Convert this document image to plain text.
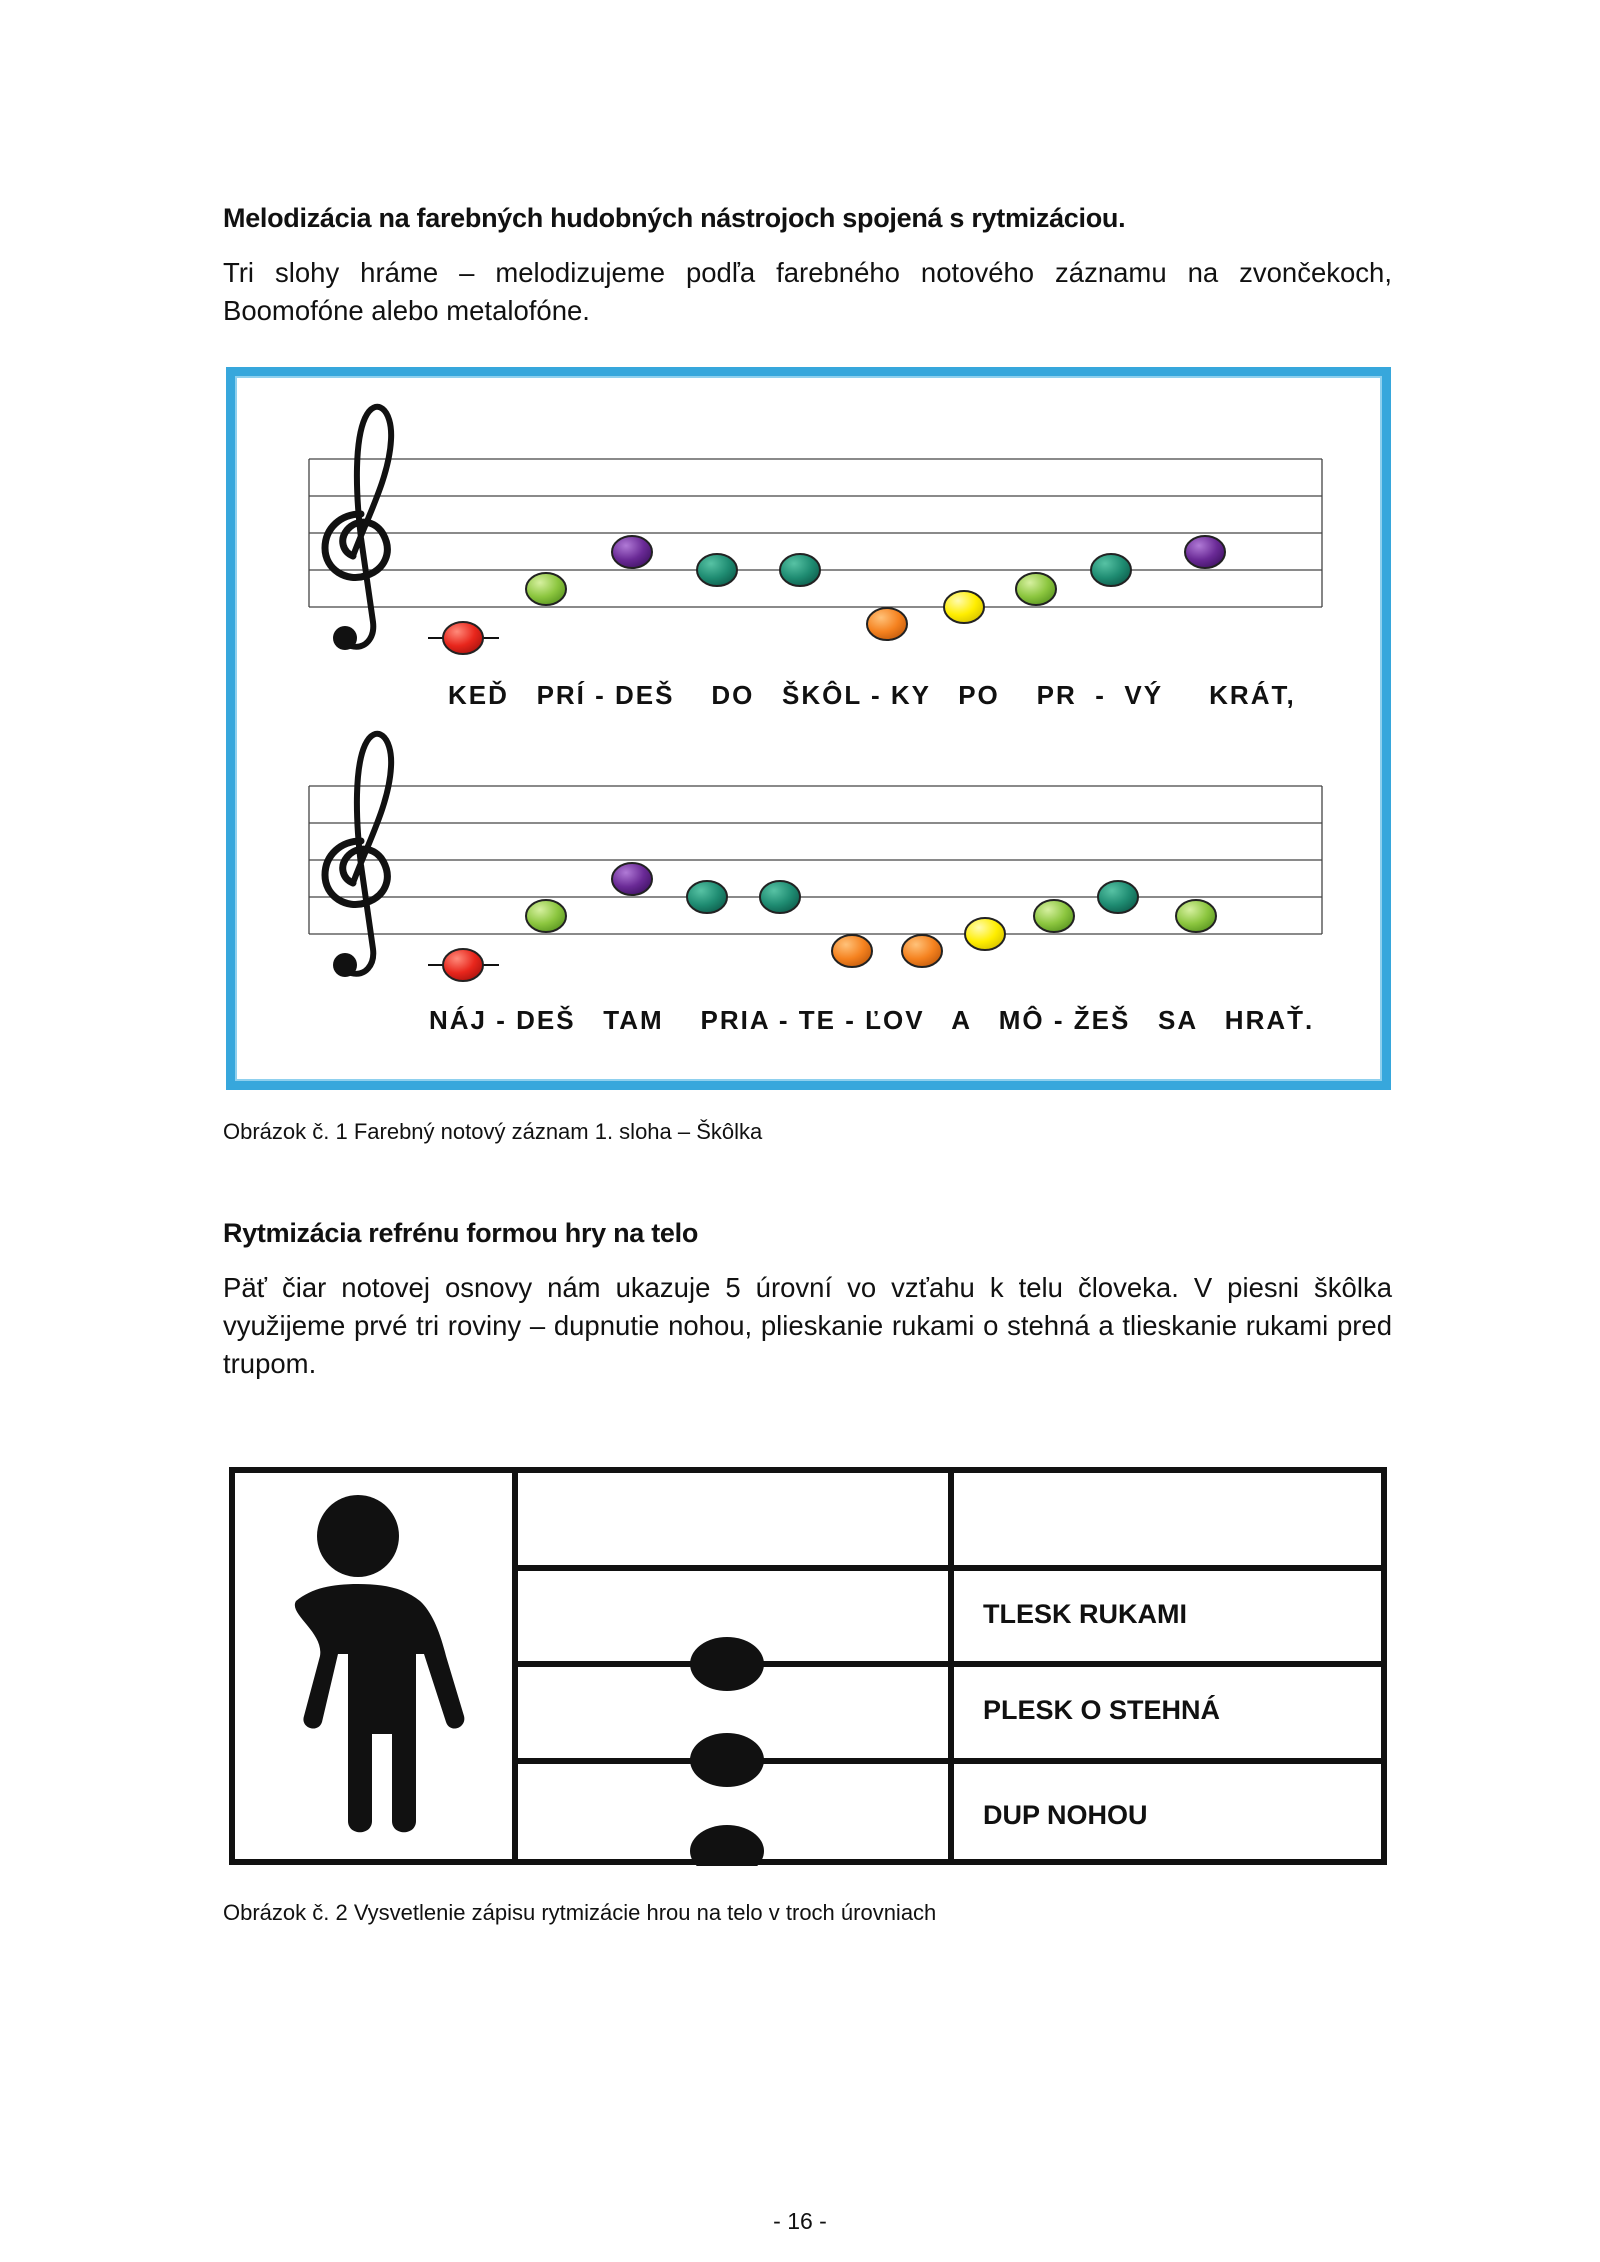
Melodizácia na farebných hudobných nástrojoch spojená s rytmizáciou.
Tri slohy hráme – melodizujeme podľa farebného notového záznamu na zvončekoch, Boomofóne alebo metalofóne.
KEĎ   PRÍ - DEŠ    DO   ŠKÔL - KY   PO    PR  -  VÝ     KRÁT,
NÁJ - DEŠ   TAM    PRIA - TE - ĽOV   A   MÔ - ŽEŠ   SA   HRAŤ.
Obrázok č. 1 Farebný notový záznam 1. sloha – Škôlka
Rytmizácia refrénu formou hry na telo
Päť čiar notovej osnovy nám ukazuje 5 úrovní vo vzťahu k telu človeka. V piesni škôlka využijeme prvé tri roviny – dupnutie nohou, plieskanie rukami o stehná a tlieskanie rukami pred trupom.
TLESK RUKAMI
PLESK O STEHNÁ
DUP NOHOU
Obrázok č. 2 Vysvetlenie zápisu rytmizácie hrou na telo v troch úrovniach
- 16 -
